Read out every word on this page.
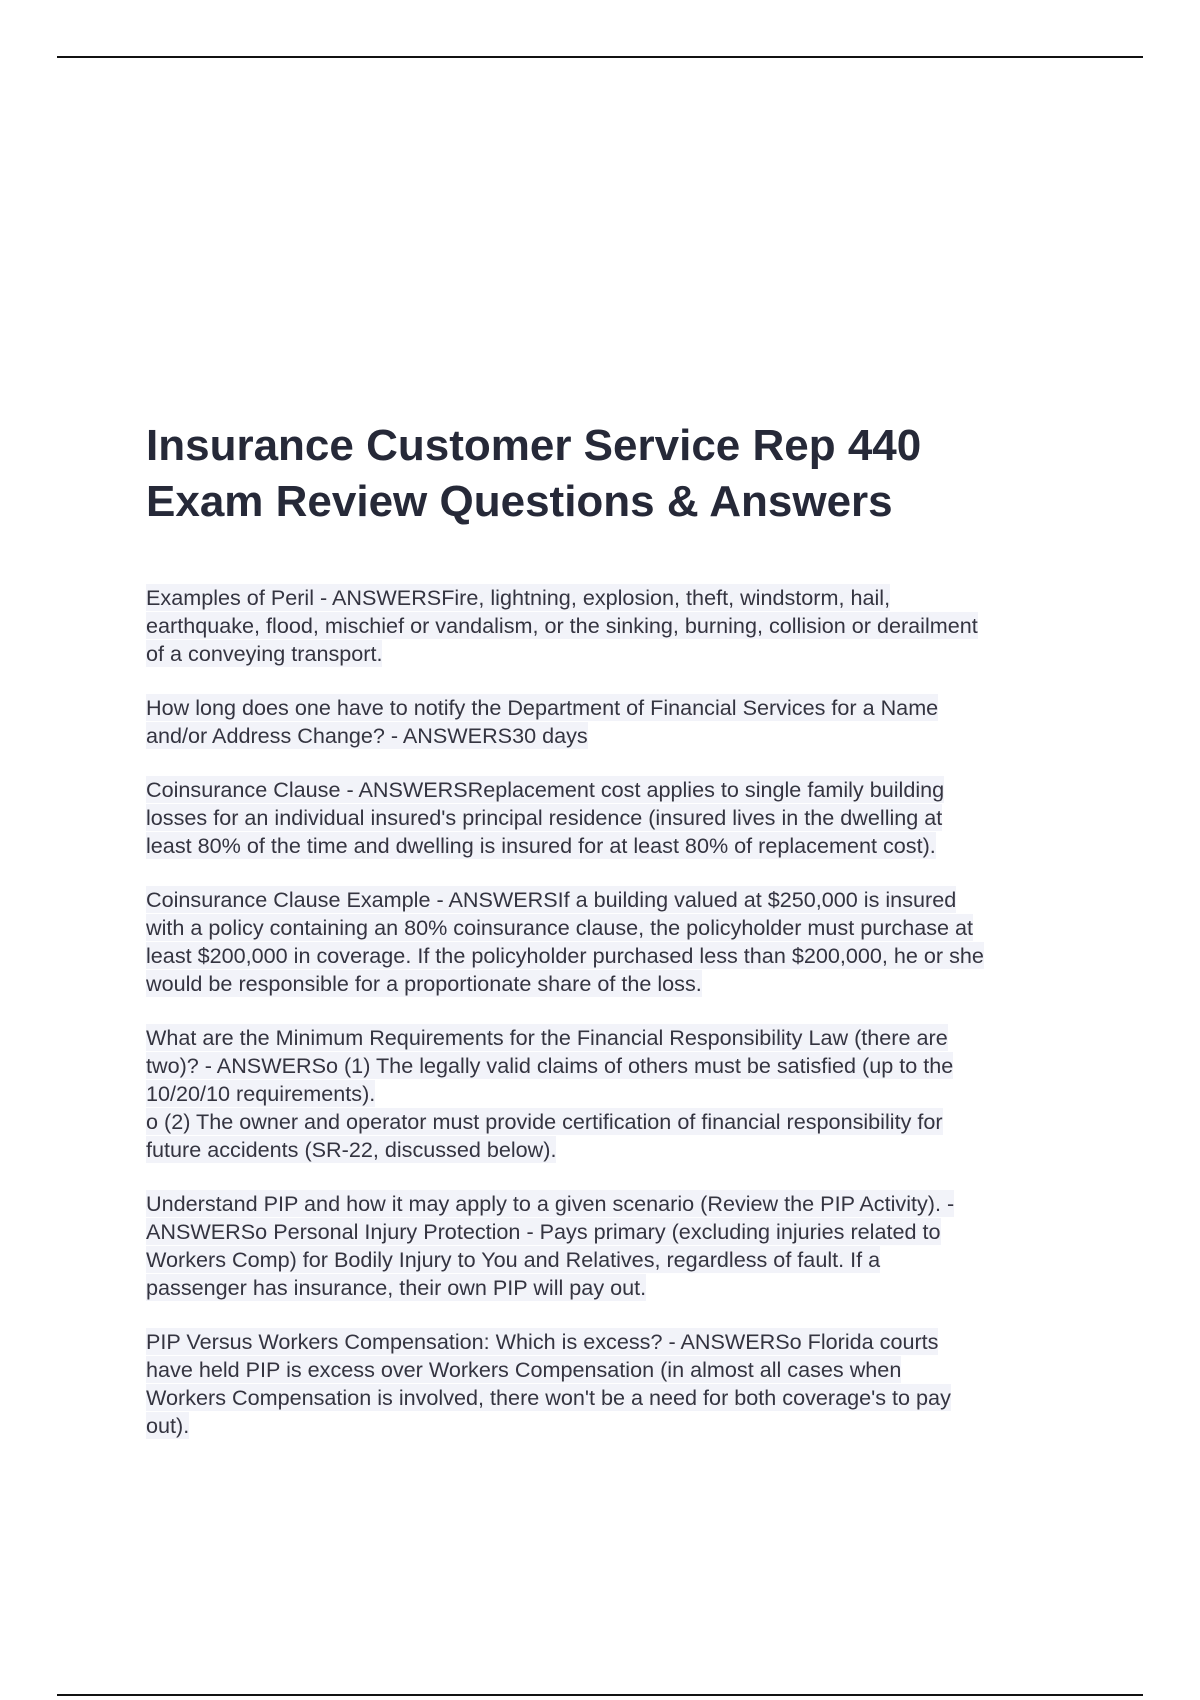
Insurance Customer Service Rep 440
Exam Review Questions & Answers
Examples of Peril - ANSWERSFire, lightning, explosion, theft, windstorm, hail,
earthquake, flood, mischief or vandalism, or the sinking, burning, collision or derailment
of a conveying transport.
How long does one have to notify the Department of Financial Services for a Name
and/or Address Change? - ANSWERS30 days
Coinsurance Clause - ANSWERSReplacement cost applies to single family building
losses for an individual insured's principal residence (insured lives in the dwelling at
least 80% of the time and dwelling is insured for at least 80% of replacement cost).
Coinsurance Clause Example - ANSWERSIf a building valued at $250,000 is insured
with a policy containing an 80% coinsurance clause, the policyholder must purchase at
least $200,000 in coverage. If the policyholder purchased less than $200,000, he or she
would be responsible for a proportionate share of the loss.
What are the Minimum Requirements for the Financial Responsibility Law (there are
two)? - ANSWERSo (1) The legally valid claims of others must be satisfied (up to the
10/20/10 requirements).
o (2) The owner and operator must provide certification of financial responsibility for
future accidents (SR-22, discussed below).
Understand PIP and how it may apply to a given scenario (Review the PIP Activity). -
ANSWERSo Personal Injury Protection - Pays primary (excluding injuries related to
Workers Comp) for Bodily Injury to You and Relatives, regardless of fault. If a
passenger has insurance, their own PIP will pay out.
PIP Versus Workers Compensation: Which is excess? - ANSWERSo Florida courts
have held PIP is excess over Workers Compensation (in almost all cases when
Workers Compensation is involved, there won't be a need for both coverage's to pay
out).
